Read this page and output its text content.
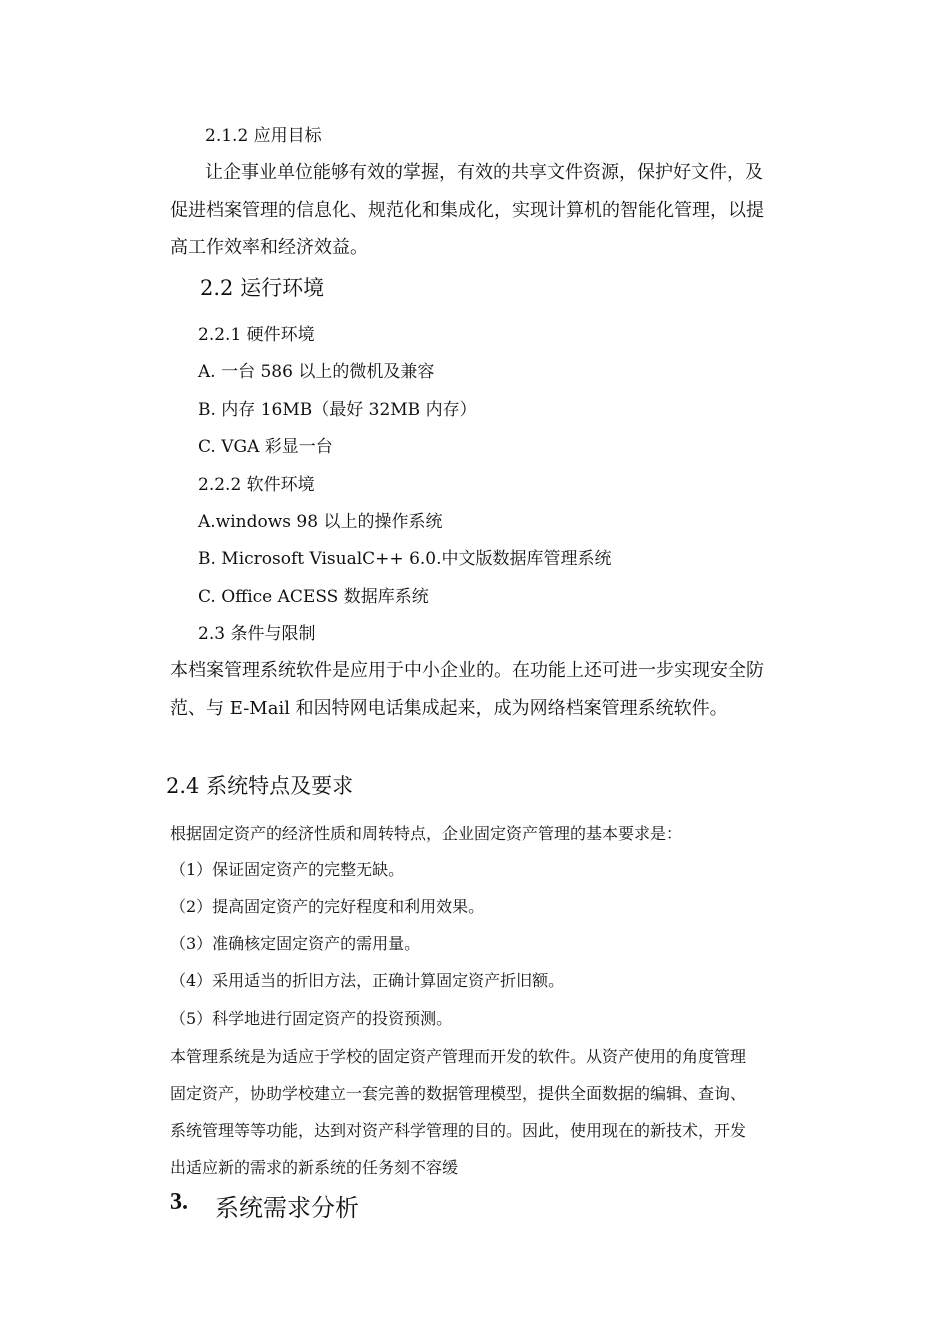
2.1.2 应用目标
让企事业单位能够有效的掌握，有效的共享文件资源，保护好文件，及
促进档案管理的信息化、规范化和集成化，实现计算机的智能化管理，以提
高工作效率和经济效益。
2.2 运行环境
2.2.1 硬件环境
A. 一台 586 以上的微机及兼容
B. 内存 16MB（最好 32MB 内存）
C. VGA 彩显一台
2.2.2 软件环境
A.windows 98 以上的操作系统
B. Microsoft VisualC++ 6.0.中文版数据库管理系统
C. Office ACESS 数据库系统
2.3 条件与限制
本档案管理系统软件是应用于中小企业的。在功能上还可进一步实现安全防
范、与 E-Mail 和因特网电话集成起来，成为网络档案管理系统软件。
2.4 系统特点及要求
根据固定资产的经济性质和周转特点，企业固定资产管理的基本要求是：
（1）保证固定资产的完整无缺。
（2）提高固定资产的完好程度和利用效果。
（3）准确核定固定资产的需用量。
（4）采用适当的折旧方法，正确计算固定资产折旧额。
（5）科学地进行固定资产的投资预测。
本管理系统是为适应于学校的固定资产管理而开发的软件。从资产使用的角度管理
固定资产，协助学校建立一套完善的数据管理模型，提供全面数据的编辑、查询、
系统管理等等功能，达到对资产科学管理的目的。因此，使用现在的新技术，开发
出适应新的需求的新系统的任务刻不容缓
3. 系统需求分析
